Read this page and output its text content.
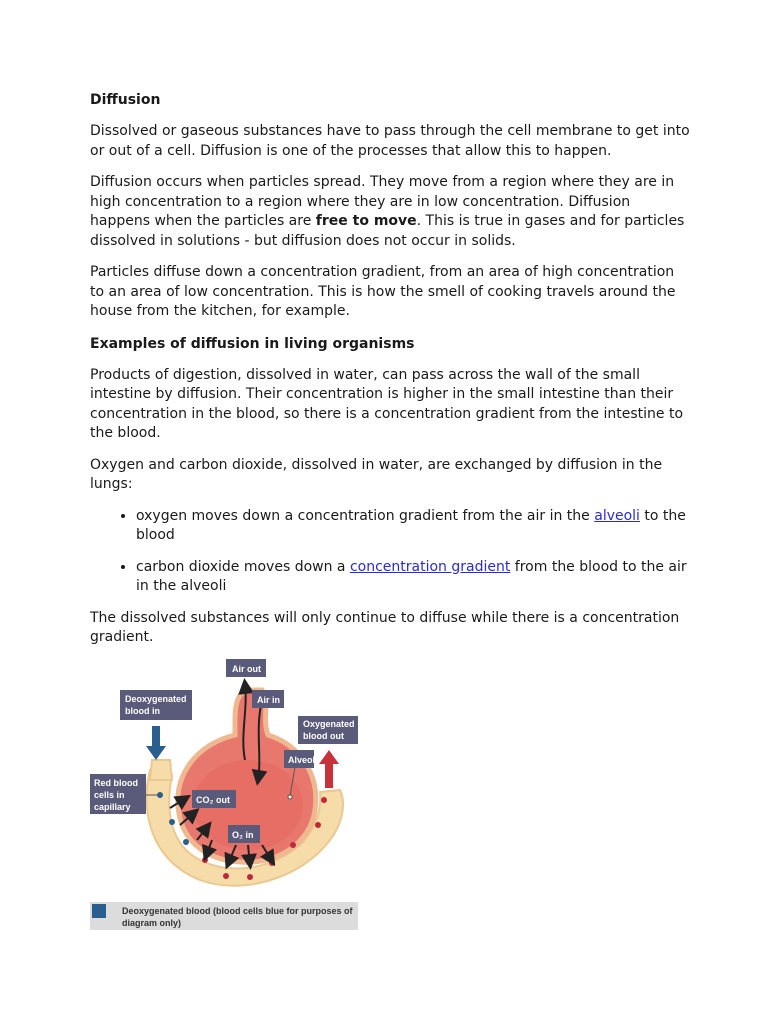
Diffusion

Dissolved or gaseous substances have to pass through the cell membrane to get into or out of a cell. Diffusion is one of the processes that allow this to happen.

Diffusion occurs when particles spread. They move from a region where they are in high concentration to a region where they are in low concentration. Diffusion happens when the particles are free to move. This is true in gases and for particles dissolved in solutions - but diffusion does not occur in solids.

Particles diffuse down a concentration gradient, from an area of high concentration to an area of low concentration. This is how the smell of cooking travels around the house from the kitchen, for example.

Examples of diffusion in living organisms

Products of digestion, dissolved in water, can pass across the wall of the small intestine by diffusion. Their concentration is higher in the small intestine than their concentration in the blood, so there is a concentration gradient from the intestine to the blood.

Oxygen and carbon dioxide, dissolved in water, are exchanged by diffusion in the lungs:

• oxygen moves down a concentration gradient from the air in the alveoli to the blood
• carbon dioxide moves down a concentration gradient from the blood to the air in the alveoli

The dissolved substances will only continue to diffuse while there is a concentration gradient.

Air out
Air in
Deoxygenated
blood in
Oxygenated
blood out
Alveoli
Red blood
cells in
capillary
CO₂ out
O₂ in
Deoxygenated blood (blood cells blue for purposes of
diagram only)
